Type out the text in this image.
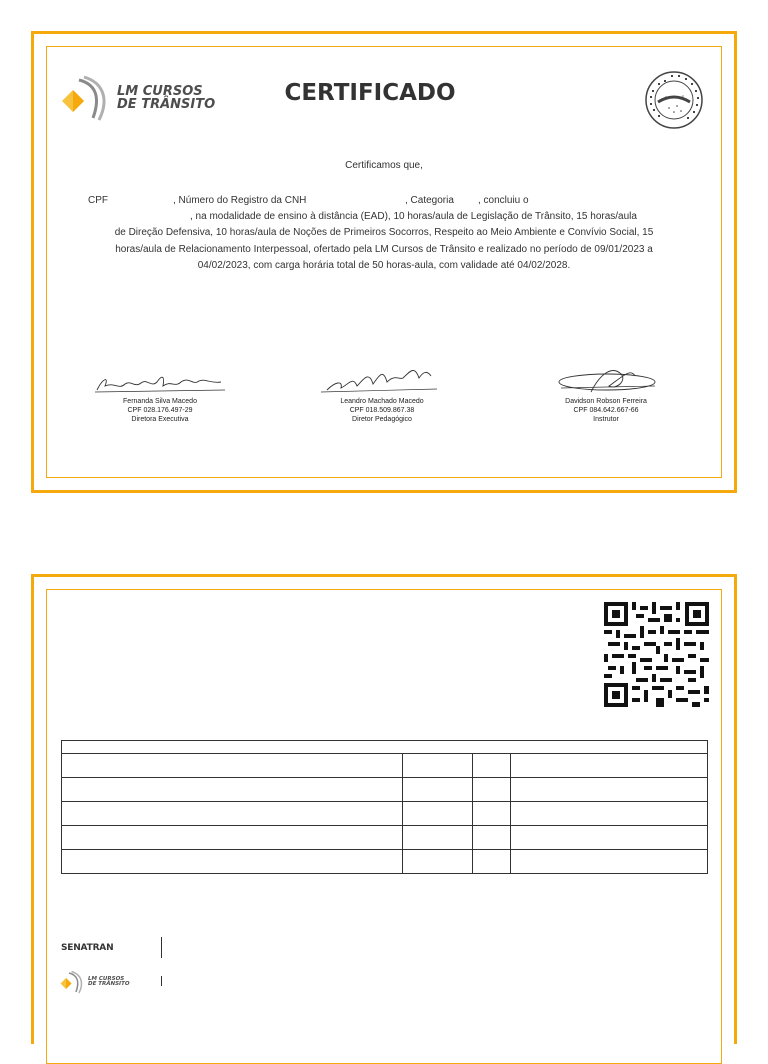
LM CURSOS
DE TRÂNSITO	CERTIFICADO
Certificamos que,
CPF	, Número do Registro da CNH	, Categoria , concluiu o
, na modalidade de ensino à distância (EAD), 10 horas/aula de Legislação de Trânsito, 15 horas/aula
de Direção Defensiva, 10 horas/aula de Noções de Primeiros Socorros, Respeito ao Meio Ambiente e Convívio Social, 15
horas/aula de Relacionamento Interpessoal, ofertado pela LM Cursos de Trânsito e realizado no período de 09/01/2023 a
04/02/2023, com carga horária total de 50 horas-aula, com validade até 04/02/2028.
Fernanda Silva Macedo
CPF 028.176.497-29
Diretora Executiva
Leandro Machado Macedo
CPF 018.509.867.38
Diretor Pedagógico
Davidson Robson Ferreira
CPF 084.642.667-66
Instrutor

SENATRAN
LM CURSOS
DE TRÂNSITO
